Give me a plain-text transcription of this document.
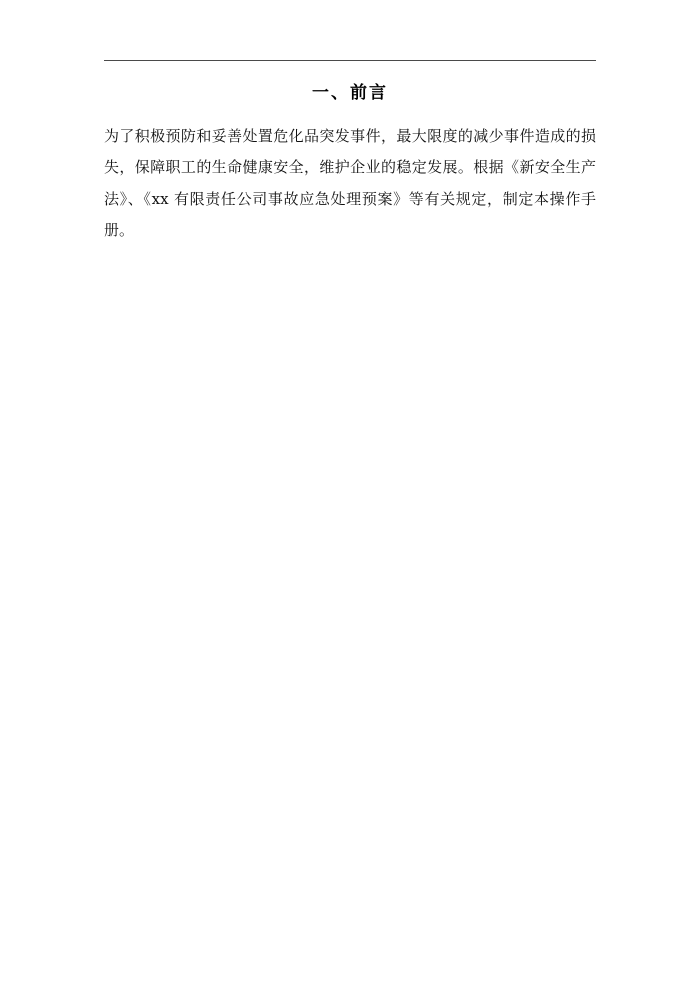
一、前言

为了积极预防和妥善处置危化品突发事件，最大限度的减少事件造成的损失，保障职工的生命健康安全，维护企业的稳定发展。根据《新安全生产法》、《xx 有限责任公司事故应急处理预案》等有关规定，制定本操作手册。
